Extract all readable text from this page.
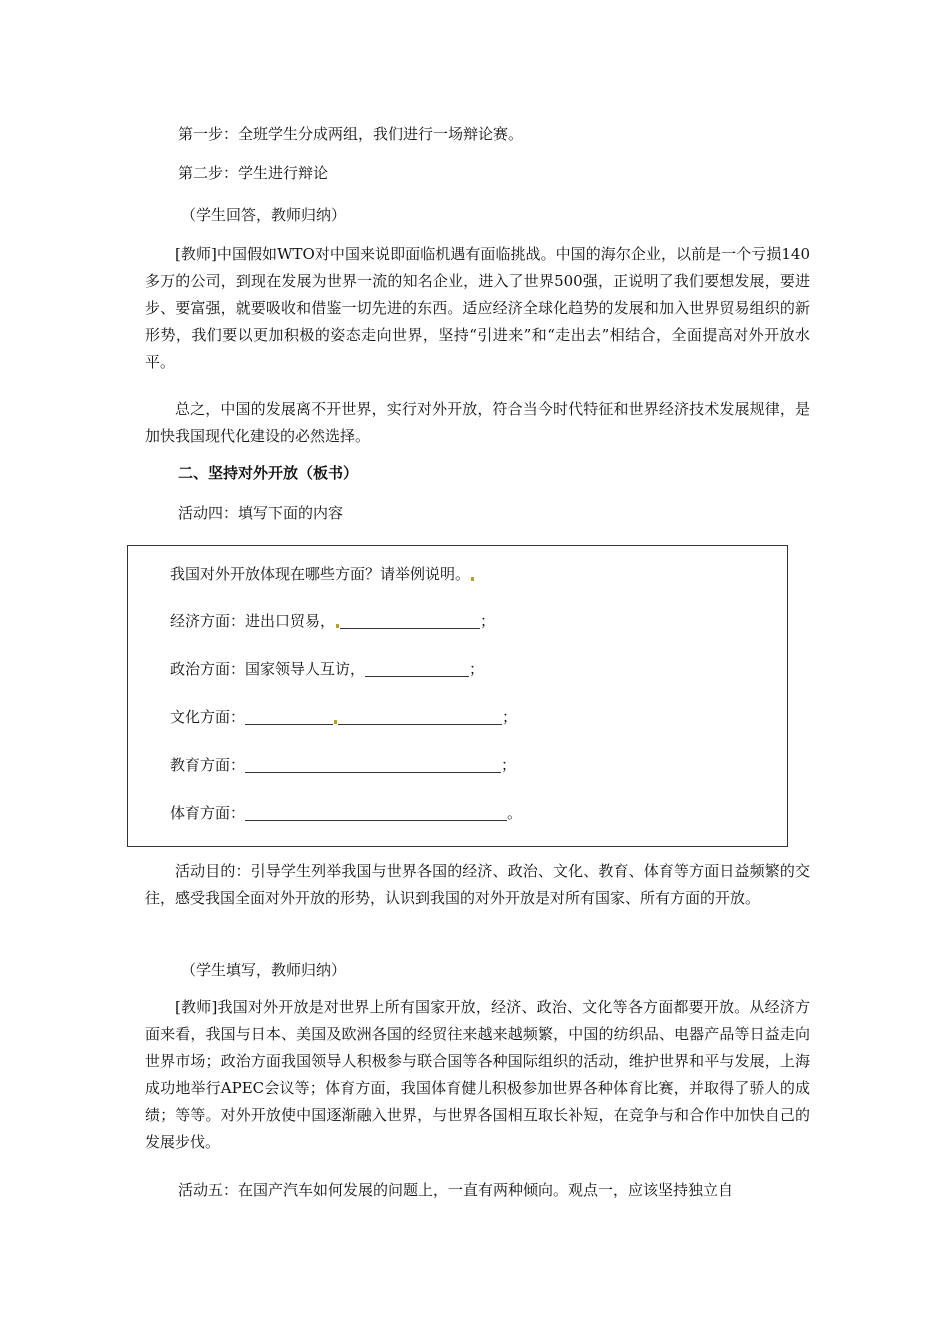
第一步：全班学生分成两组，我们进行一场辩论赛。
第二步：学生进行辩论
（学生回答，教师归纳）
[教师]中国假如WTO对中国来说即面临机遇有面临挑战。中国的海尔企业，以前是一个亏损140多万的公司，到现在发展为世界一流的知名企业，进入了世界500强，正说明了我们要想发展，要进步、要富强，就要吸收和借鉴一切先进的东西。适应经济全球化趋势的发展和加入世界贸易组织的新形势，我们要以更加积极的姿态走向世界，坚持“引进来”和“走出去”相结合，全面提高对外开放水平。
总之，中国的发展离不开世界，实行对外开放，符合当今时代特征和世界经济技术发展规律，是加快我国现代化建设的必然选择。
二、坚持对外开放（板书）
活动四：填写下面的内容
我国对外开放体现在哪些方面？请举例说明。
经济方面：进出口贸易，	；
政治方面：国家领导人互访，	；
文化方面：	；
教育方面：	；
体育方面：	。
活动目的：引导学生列举我国与世界各国的经济、政治、文化、教育、体育等方面日益频繁的交往，感受我国全面对外开放的形势，认识到我国的对外开放是对所有国家、所有方面的开放。
（学生填写，教师归纳）
[教师]我国对外开放是对世界上所有国家开放，经济、政治、文化等各方面都要开放。从经济方面来看，我国与日本、美国及欧洲各国的经贸往来越来越频繁，中国的纺织品、电器产品等日益走向世界市场；政治方面我国领导人积极参与联合国等各种国际组织的活动，维护世界和平与发展，上海成功地举行APEC会议等；体育方面，我国体育健儿积极参加世界各种体育比赛，并取得了骄人的成绩；等等。对外开放使中国逐渐融入世界，与世界各国相互取长补短，在竞争与和合作中加快自己的发展步伐。
活动五：在国产汽车如何发展的问题上，一直有两种倾向。观点一，应该坚持独立自
